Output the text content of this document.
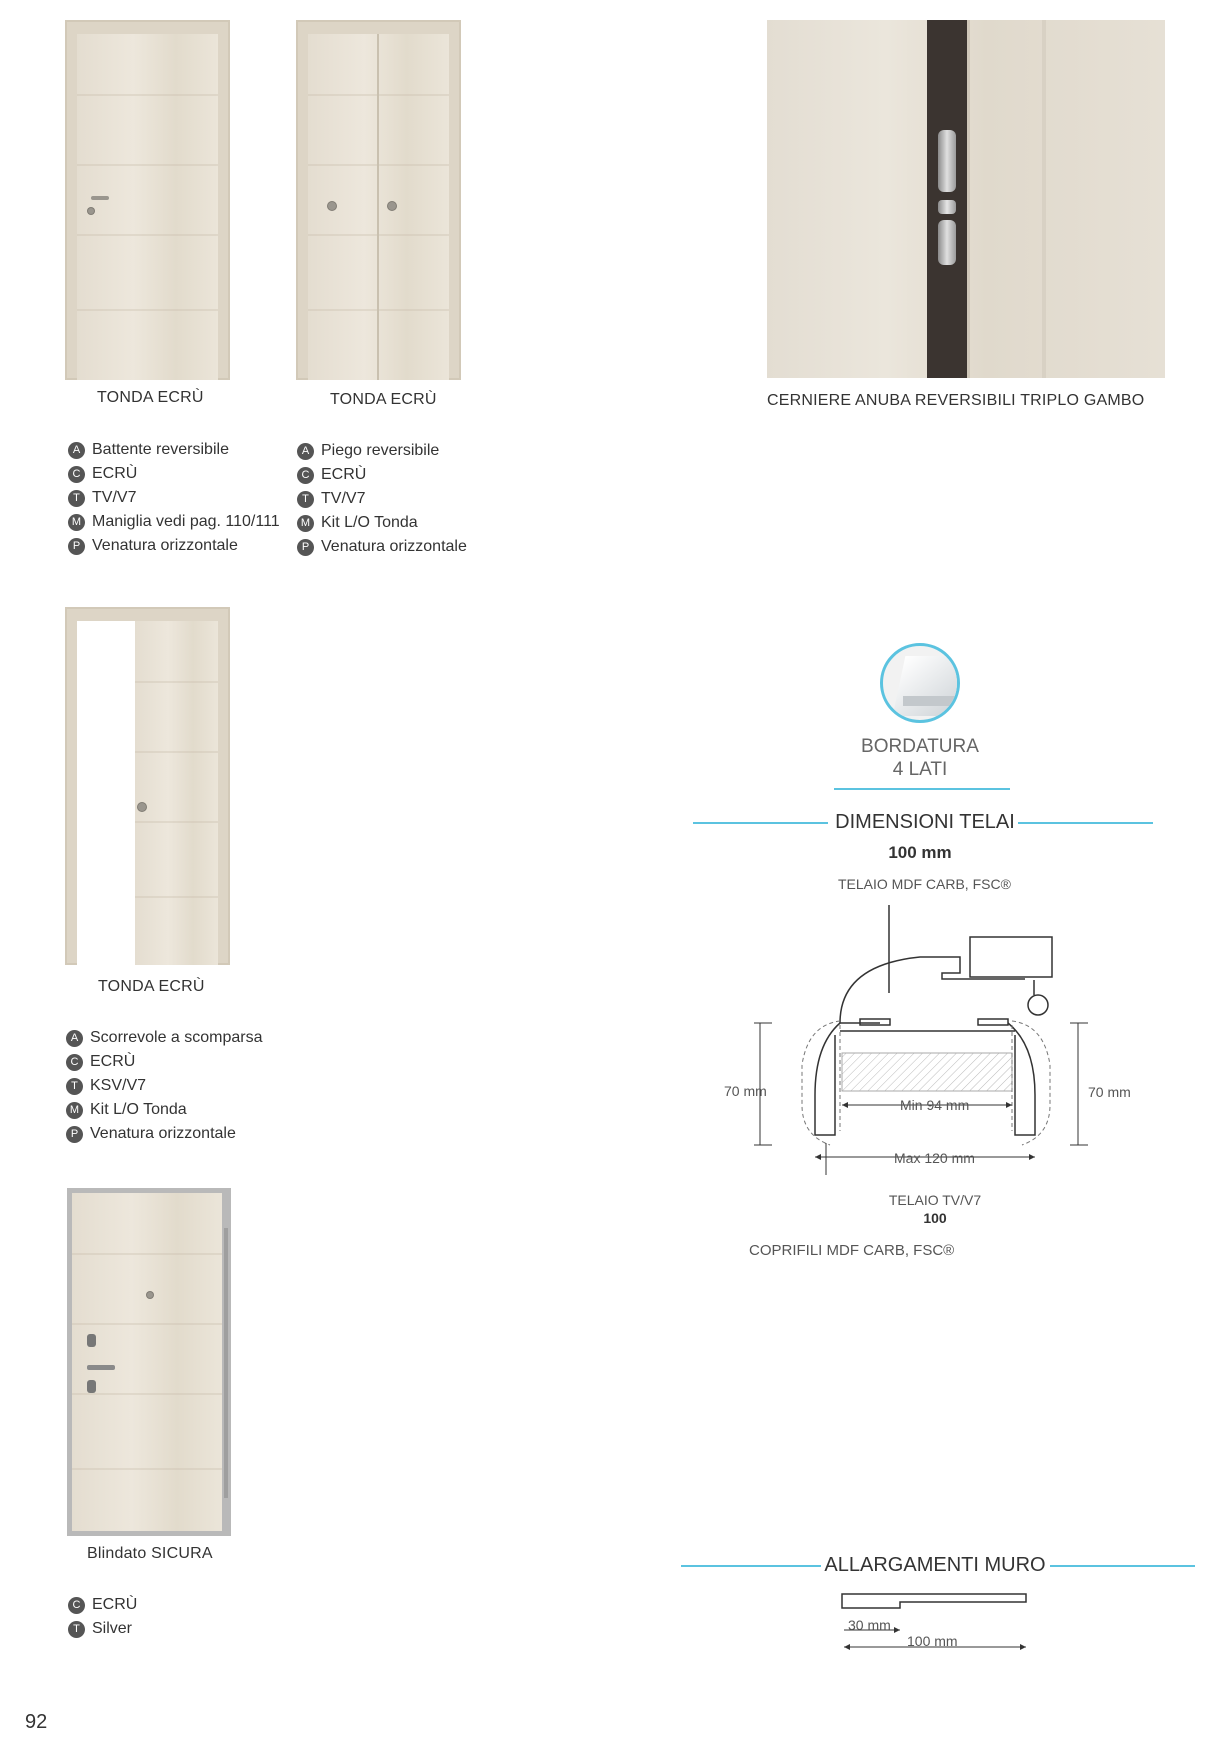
TONDA ECRÙ
A Battente reversibile
C ECRÙ
T TV/V7
M Maniglia vedi pag. 110/111
P Venatura orizzontale
TONDA ECRÙ
A Piego reversibile
C ECRÙ
T TV/V7
M Kit L/O Tonda
P Venatura orizzontale
CERNIERE ANUBA REVERSIBILI TRIPLO GAMBO
TONDA ECRÙ
A Scorrevole a scomparsa
C ECRÙ
T KSV/V7
M Kit L/O Tonda
P Venatura orizzontale
Blindato SICURA
C ECRÙ
T Silver
BORDATURA
4 LATI
DIMENSIONI TELAI
100 mm
TELAIO MDF CARB, FSC®
70 mm	70 mm
Min 94 mm
Max 120 mm
TELAIO TV/V7
100
COPRIFILI MDF CARB, FSC®
ALLARGAMENTI MURO
30 mm
100 mm
92
